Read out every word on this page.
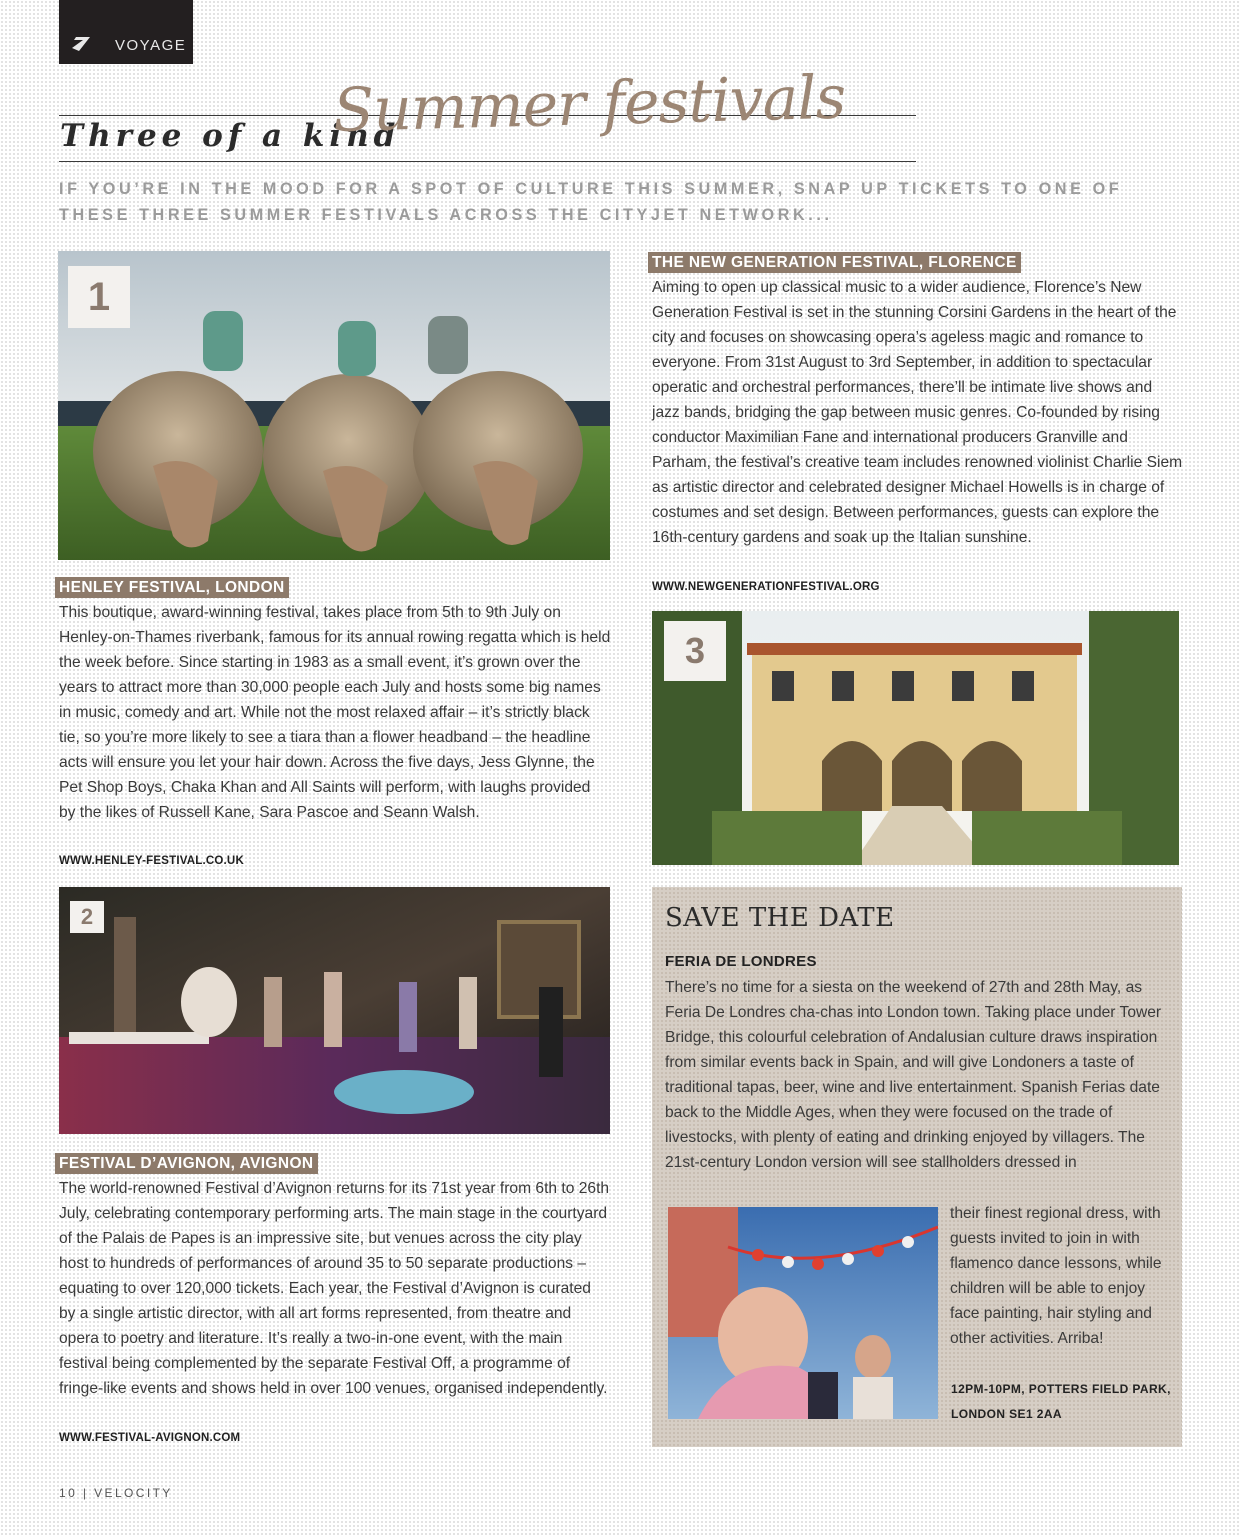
VOYAGE
Three of a kind
Summer festivals
IF YOU’RE IN THE MOOD FOR A SPOT OF CULTURE THIS SUMMER, SNAP UP TICKETS TO ONE OF THESE THREE SUMMER FESTIVALS ACROSS THE CITYJET NETWORK...
1
HENLEY FESTIVAL, LONDON
This boutique, award-winning festival, takes place from 5th to 9th July on Henley-on-Thames riverbank, famous for its annual rowing regatta which is held the week before. Since starting in 1983 as a small event, it’s grown over the years to attract more than 30,000 people each July and hosts some big names in music, comedy and art. While not the most relaxed affair – it’s strictly black tie, so you’re more likely to see a tiara than a flower headband – the headline acts will ensure you let your hair down. Across the five days, Jess Glynne, the Pet Shop Boys, Chaka Khan and All Saints will perform, with laughs provided by the likes of Russell Kane, Sara Pascoe and Seann Walsh.
WWW.HENLEY-FESTIVAL.CO.UK
2
FESTIVAL D’AVIGNON, AVIGNON
The world-renowned Festival d’Avignon returns for its 71st year from 6th to 26th July, celebrating contemporary performing arts. The main stage in the courtyard of the Palais de Papes is an impressive site, but venues across the city play host to hundreds of performances of around 35 to 50 separate productions – equating to over 120,000 tickets. Each year, the Festival d’Avignon is curated by a single artistic director, with all art forms represented, from theatre and opera to poetry and literature. It’s really a two-in-one event, with the main festival being complemented by the separate Festival Off, a programme of fringe-like events and shows held in over 100 venues, organised independently.
WWW.FESTIVAL-AVIGNON.COM
THE NEW GENERATION FESTIVAL, FLORENCE
Aiming to open up classical music to a wider audience, Florence’s New Generation Festival is set in the stunning Corsini Gardens in the heart of the city and focuses on showcasing opera’s ageless magic and romance to everyone. From 31st August to 3rd September, in addition to spectacular operatic and orchestral performances, there’ll be intimate live shows and jazz bands, bridging the gap between music genres. Co-founded by rising conductor Maximilian Fane and international producers Granville and Parham, the festival’s creative team includes renowned violinist Charlie Siem as artistic director and celebrated designer Michael Howells is in charge of costumes and set design. Between performances, guests can explore the 16th-century gardens and soak up the Italian sunshine.
WWW.NEWGENERATIONFESTIVAL.ORG
3
SAVE THE DATE
FERIA DE LONDRES
There’s no time for a siesta on the weekend of 27th and 28th May, as Feria De Londres cha-chas into London town. Taking place under Tower Bridge, this colourful celebration of Andalusian culture draws inspiration from similar events back in Spain, and will give Londoners a taste of traditional tapas, beer, wine and live entertainment. Spanish Ferias date back to the Middle Ages, when they were focused on the trade of livestocks, with plenty of eating and drinking enjoyed by villagers. The 21st-century London version will see stallholders dressed in
their finest regional dress, with guests invited to join in with flamenco dance lessons, while children will be able to enjoy face painting, hair styling and other activities. Arriba!
12PM-10PM, POTTERS FIELD PARK, LONDON SE1 2AA
10 | VELOCITY
